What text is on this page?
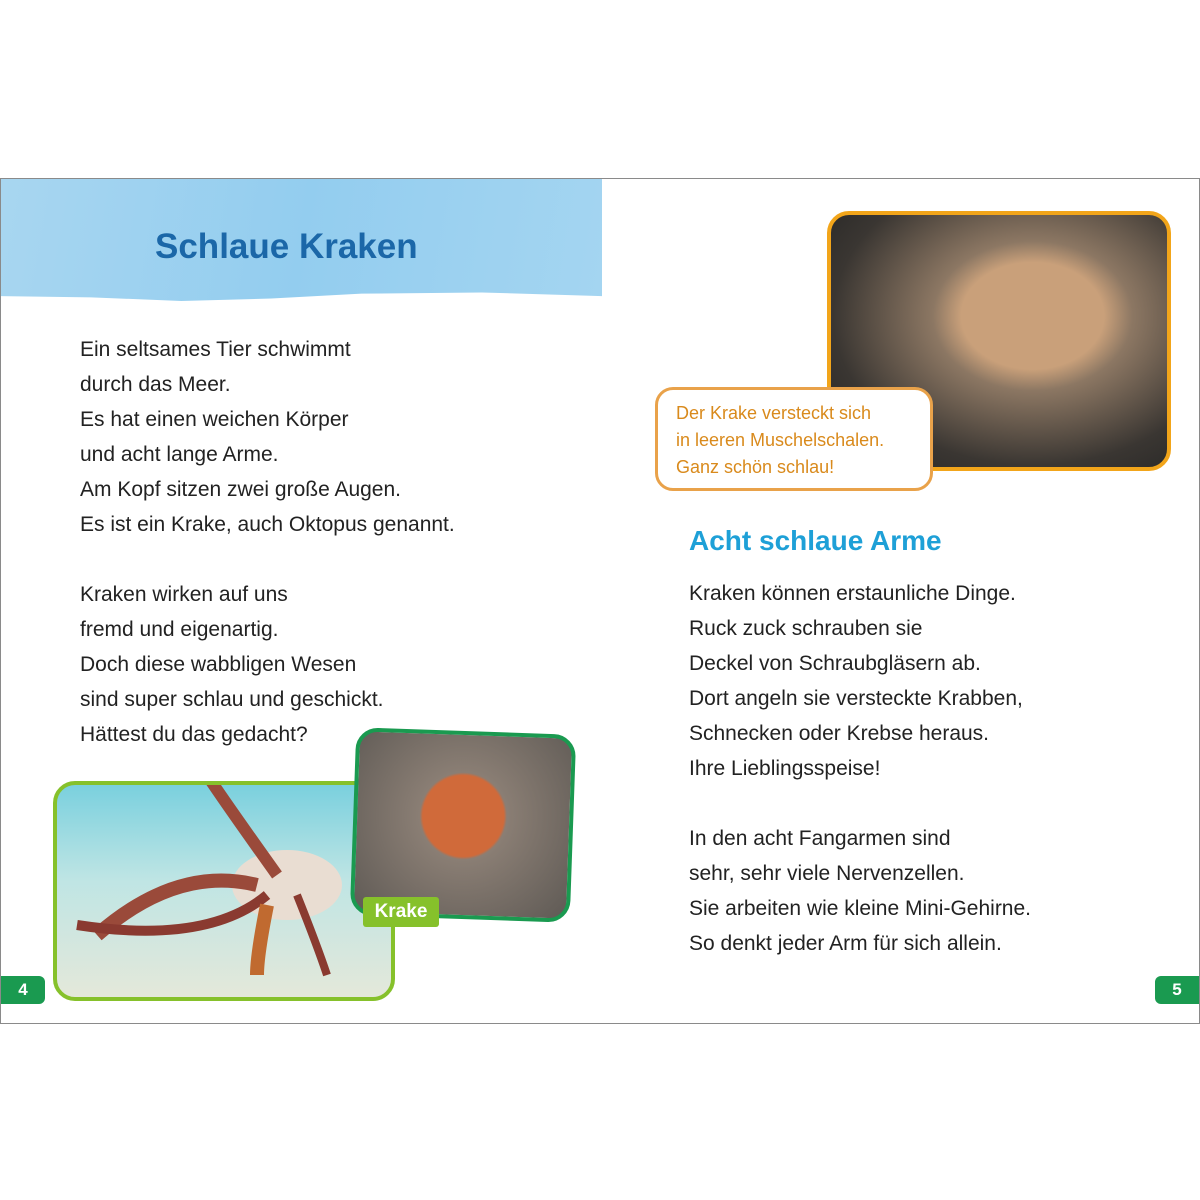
Schlaue Kraken
Ein seltsames Tier schwimmt
durch das Meer.
Es hat einen weichen Körper
und acht lange Arme.
Am Kopf sitzen zwei große Augen.
Es ist ein Krake, auch Oktopus genannt.
Kraken wirken auf uns
fremd und eigenartig.
Doch diese wabbligen Wesen
sind super schlau und geschickt.
Hättest du das gedacht?
Krake
4
Der Krake versteckt sich
in leeren Muschelschalen.
Ganz schön schlau!
Acht schlaue Arme
Kraken können erstaunliche Dinge.
Ruck zuck schrauben sie
Deckel von Schraubgläsern ab.
Dort angeln sie versteckte Krabben,
Schnecken oder Krebse heraus.
Ihre Lieblingsspeise!
In den acht Fangarmen sind
sehr, sehr viele Nervenzellen.
Sie arbeiten wie kleine Mini-Gehirne.
So denkt jeder Arm für sich allein.
5
